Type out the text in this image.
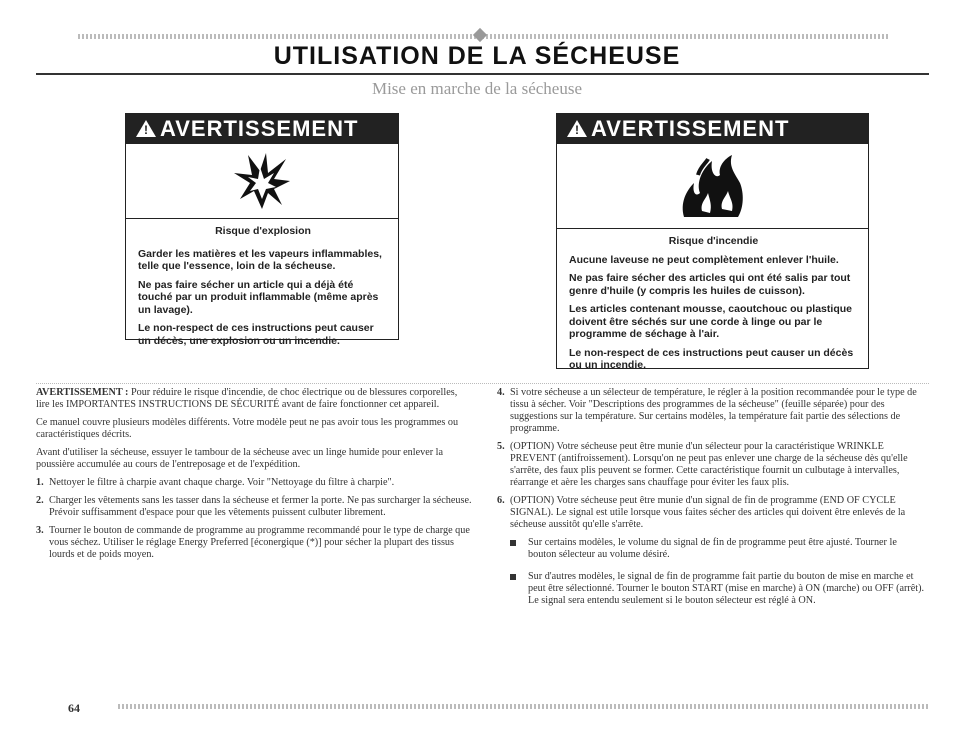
UTILISATION DE LA SÉCHEUSE
Mise en marche de la sécheuse
! AVERTISSEMENT

Risque d'explosion

Garder les matières et les vapeurs inflammables, telle que l'essence, loin de la sécheuse.

Ne pas faire sécher un article qui a déjà été touché par un produit inflammable (même après un lavage).

Le non-respect de ces instructions peut causer un décès, une explosion ou un incendie.

! AVERTISSEMENT

Risque d'incendie

Aucune laveuse ne peut complètement enlever l'huile.

Ne pas faire sécher des articles qui ont été salis par tout genre d'huile (y compris les huiles de cuisson).

Les articles contenant mousse, caoutchouc ou plastique doivent être séchés sur une corde à linge ou par le programme de séchage à l'air.

Le non-respect de ces instructions peut causer un décès ou un incendie.

AVERTISSEMENT : Pour réduire le risque d'incendie, de choc électrique ou de blessures corporelles, lire les IMPORTANTES INSTRUCTIONS DE SÉCURITÉ avant de faire fonctionner cet appareil.

Ce manuel couvre plusieurs modèles différents. Votre modèle peut ne pas avoir tous les programmes ou caractéristiques décrits.

Avant d'utiliser la sécheuse, essuyer le tambour de la sécheuse avec un linge humide pour enlever la poussière accumulée au cours de l'entreposage et de l'expédition.

1. Nettoyer le filtre à charpie avant chaque charge. Voir "Nettoyage du filtre à charpie".
2. Charger les vêtements sans les tasser dans la sécheuse et fermer la porte. Ne pas surcharger la sécheuse. Prévoir suffisamment d'espace pour que les vêtements puissent culbuter librement.
3. Tourner le bouton de commande de programme au programme recommandé pour le type de charge que vous séchez. Utiliser le réglage Energy Preferred [éconergique (*)] pour sécher la plupart des tissus lourds et de poids moyen.
4. Si votre sécheuse a un sélecteur de température, le régler à la position recommandée pour le type de tissu à sécher. Voir "Descriptions des programmes de la sécheuse" (feuille séparée) pour des suggestions sur la température. Sur certains modèles, la température fait partie des sélections de programme.
5. (OPTION) Votre sécheuse peut être munie d'un sélecteur pour la caractéristique WRINKLE PREVENT (antifroissement). Lorsqu'on ne peut pas enlever une charge de la sécheuse dès qu'elle s'arrête, des faux plis peuvent se former. Cette caractéristique fournit un culbutage à intervalles, réarrange et aère les charges sans chauffage pour éviter les faux plis.
6. (OPTION) Votre sécheuse peut être munie d'un signal de fin de programme (END OF CYCLE SIGNAL). Le signal est utile lorsque vous faites sécher des articles qui doivent être enlevés de la sécheuse aussitôt qu'elle s'arrête.
Sur certains modèles, le volume du signal de fin de programme peut être ajusté. Tourner le bouton sélecteur au volume désiré.
Sur d'autres modèles, le signal de fin de programme fait partie du bouton de mise en marche et peut être sélectionné. Tourner le bouton START (mise en marche) à ON (marche) ou OFF (arrêt). Le signal sera entendu seulement si le bouton sélecteur est réglé à ON.
64
